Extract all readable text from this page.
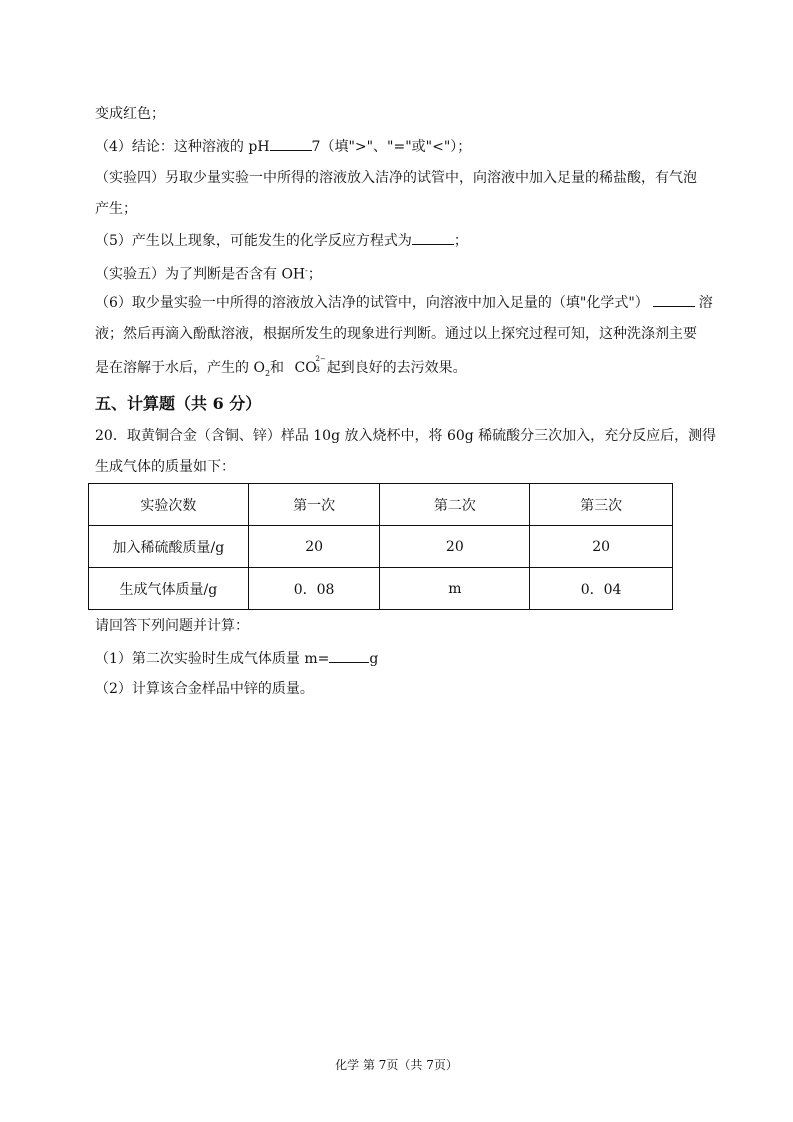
变成红色；
（4）结论：这种溶液的 pH	7（填">"、"="或"<"）；
（实验四）另取少量实验一中所得的溶液放入洁净的试管中，向溶液中加入足量的稀盐酸，有气泡
产生；
（5）产生以上现象，可能发生的化学反应方程式为	；
（实验五）为了判断是否含有 OH-；
（6）取少量实验一中所得的溶液放入洁净的试管中，向溶液中加入足量的（填"化学式"）	溶
液；然后再滴入酚酞溶液，根据所发生的现象进行判断。通过以上探究过程可知，这种洗涤剂主要
是在溶解于水后，产生的 $O_2$和 CO
2−
3 起到良好的去污效果。
五、计算题（共 6 分）
20．取黄铜合金（含铜、锌）样品 10g 放入烧杯中，将 60g 稀硫酸分三次加入，充分反应后，测得
生成气体的质量如下：
实验次数	第一次	第二次	第三次
加入稀硫酸质量/g	20	20	20
生成气体质量/g	0．08	m	0．04
请回答下列问题并计算：
（1）第二次实验时生成气体质量 m=	g
（2）计算该合金样品中锌的质量。
化学 第 7页（共 7页）
